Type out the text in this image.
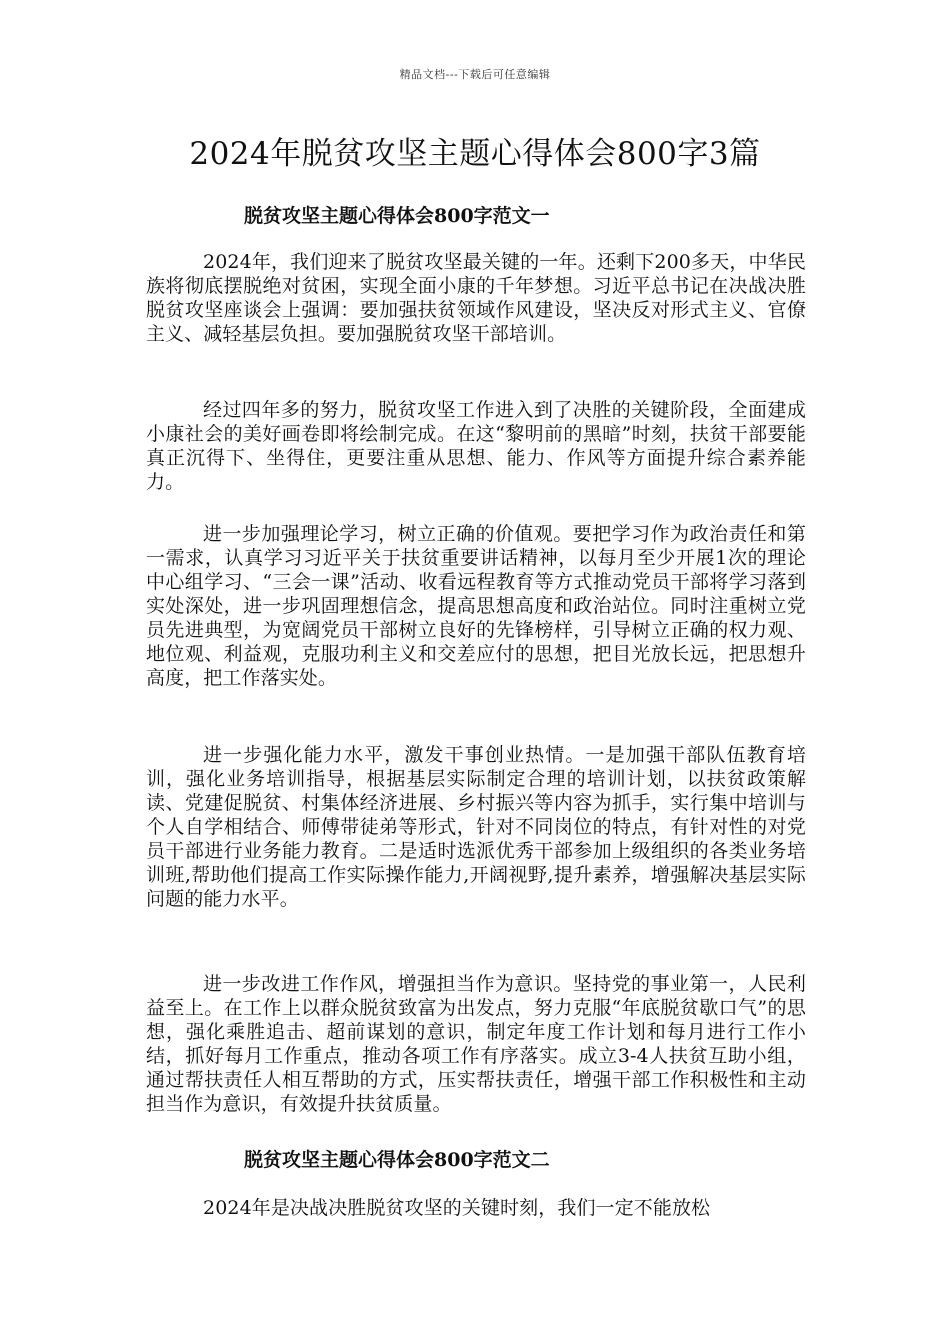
精品文档---下载后可任意编辑
2024年脱贫攻坚主题心得体会800字3篇
脱贫攻坚主题心得体会800字范文一

2024年，我们迎来了脱贫攻坚最关键的一年。还剩下200多天，中华民族将彻底摆脱绝对贫困，实现全面小康的千年梦想。习近平总书记在决战决胜脱贫攻坚座谈会上强调：要加强扶贫领域作风建设，坚决反对形式主义、官僚主义、减轻基层负担。要加强脱贫攻坚干部培训。

经过四年多的努力，脱贫攻坚工作进入到了决胜的关键阶段，全面建成小康社会的美好画卷即将绘制完成。在这“黎明前的黑暗”时刻，扶贫干部要能真正沉得下、坐得住，更要注重从思想、能力、作风等方面提升综合素养能力。

进一步加强理论学习，树立正确的价值观。要把学习作为政治责任和第一需求，认真学习习近平关于扶贫重要讲话精神，以每月至少开展1次的理论中心组学习、“三会一课”活动、收看远程教育等方式推动党员干部将学习落到实处深处，进一步巩固理想信念，提高思想高度和政治站位。同时注重树立党员先进典型，为宽阔党员干部树立良好的先锋榜样，引导树立正确的权力观、地位观、利益观，克服功利主义和交差应付的思想，把目光放长远，把思想升高度，把工作落实处。

进一步强化能力水平，激发干事创业热情。一是加强干部队伍教育培训，强化业务培训指导，根据基层实际制定合理的培训计划，以扶贫政策解读、党建促脱贫、村集体经济进展、乡村振兴等内容为抓手，实行集中培训与个人自学相结合、师傅带徒弟等形式，针对不同岗位的特点，有针对性的对党员干部进行业务能力教育。二是适时选派优秀干部参加上级组织的各类业务培训班,帮助他们提高工作实际操作能力,开阔视野,提升素养，增强解决基层实际问题的能力水平。

进一步改进工作作风，增强担当作为意识。坚持党的事业第一，人民利益至上。在工作上以群众脱贫致富为出发点，努力克服“年底脱贫歇口气”的思想，强化乘胜追击、超前谋划的意识，制定年度工作计划和每月进行工作小结，抓好每月工作重点，推动各项工作有序落实。成立3-4人扶贫互助小组，通过帮扶责任人相互帮助的方式，压实帮扶责任，增强干部工作积极性和主动担当作为意识，有效提升扶贫质量。

脱贫攻坚主题心得体会800字范文二

2024年是决战决胜脱贫攻坚的关键时刻，我们一定不能放松
